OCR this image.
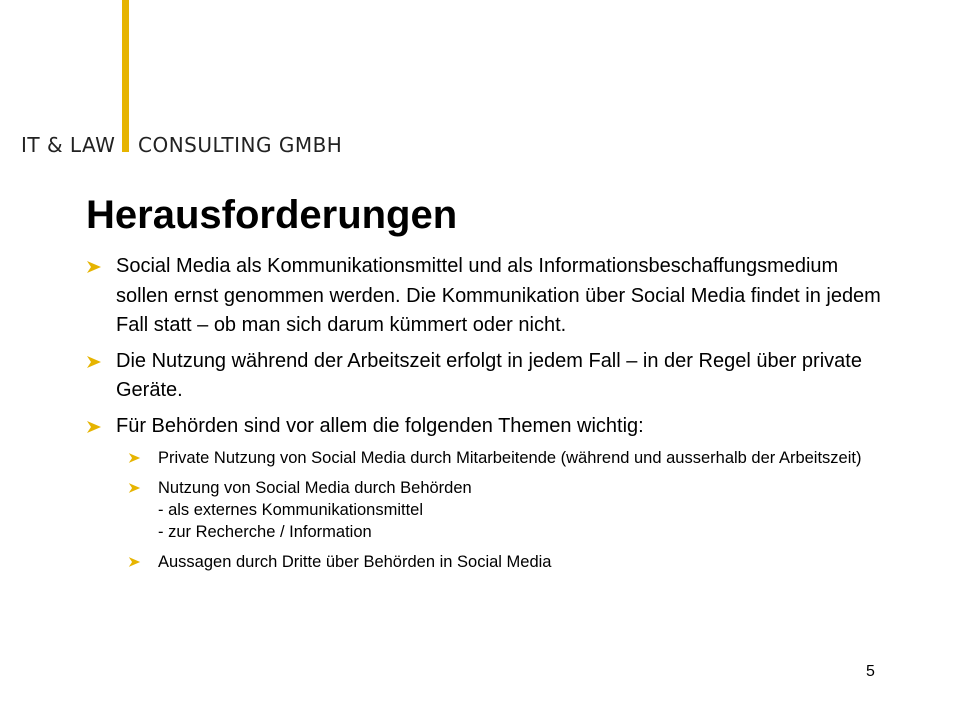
IT & LAW CONSULTING GMBH
Herausforderungen
Social Media als Kommunikationsmittel und als Informationsbeschaffungsmedium sollen ernst genommen werden. Die Kommunikation über Social Media findet in jedem Fall statt – ob man sich darum kümmert oder nicht.
Die Nutzung während der Arbeitszeit erfolgt in jedem Fall – in der Regel über private Geräte.
Für Behörden sind vor allem die folgenden Themen wichtig:
Private Nutzung von Social Media durch Mitarbeitende (während und ausserhalb der Arbeitszeit)
Nutzung von Social Media durch Behörden
- als externes Kommunikationsmittel
- zur Recherche / Information
Aussagen durch Dritte über Behörden in Social Media
5
